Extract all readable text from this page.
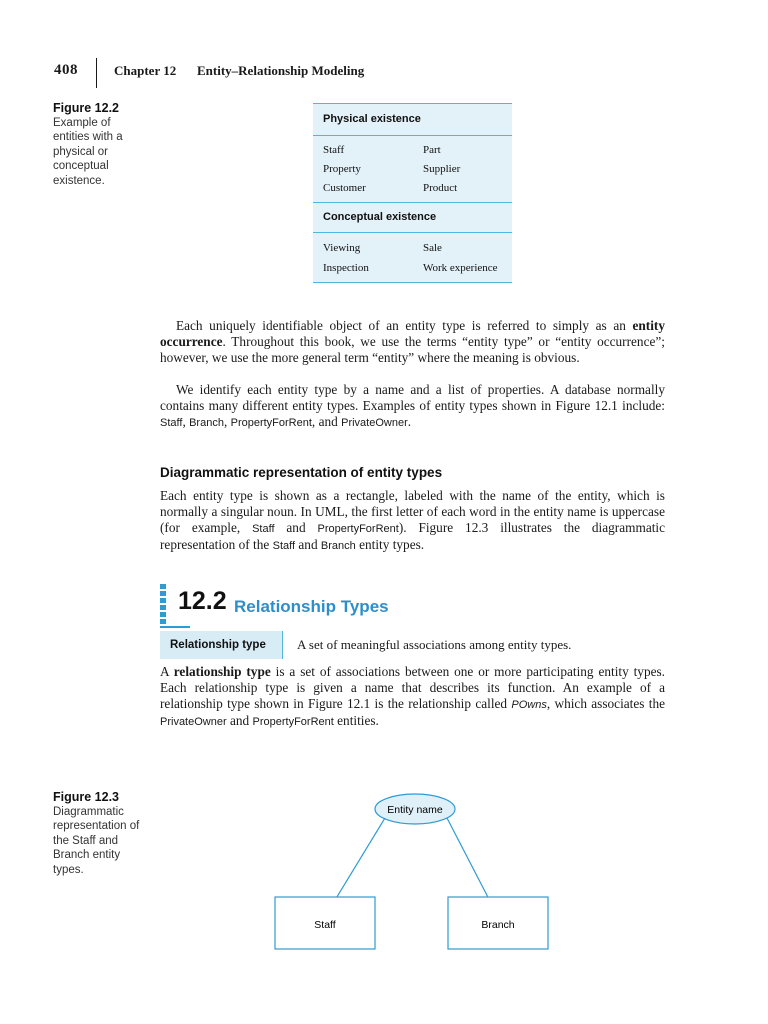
408	Chapter 12 Entity–Relationship Modeling
Figure 12.2
Example of entities with a physical or conceptual existence.
Physical existence
Staff	Part
Property	Supplier
Customer	Product
Conceptual existence
Viewing	Sale
Inspection	Work experience
Each uniquely identifiable object of an entity type is referred to simply as an entity occurrence. Throughout this book, we use the terms “entity type” or “entity occurrence”; however, we use the more general term “entity” where the meaning is obvious.
We identify each entity type by a name and a list of properties. A database normally contains many different entity types. Examples of entity types shown in Figure 12.1 include: Staff, Branch, PropertyForRent, and PrivateOwner.
Diagrammatic representation of entity types
Each entity type is shown as a rectangle, labeled with the name of the entity, which is normally a singular noun. In UML, the first letter of each word in the entity name is uppercase (for example, Staff and PropertyForRent). Figure 12.3 illustrates the diagrammatic representation of the Staff and Branch entity types.
12.2 Relationship Types
Relationship type A set of meaningful associations among entity types.
A relationship type is a set of associations between one or more participating entity types. Each relationship type is given a name that describes its function. An example of a relationship type shown in Figure 12.1 is the relationship called POwns, which associates the PrivateOwner and PropertyForRent entities.
Figure 12.3
Diagrammatic representation of the Staff and Branch entity types.
Entity name
Staff	Branch
